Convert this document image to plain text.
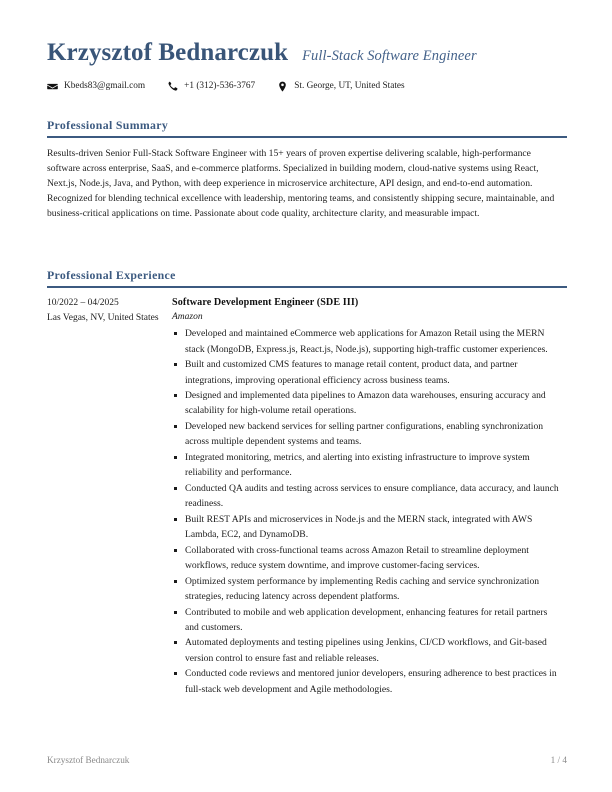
Krzysztof Bednarczuk Full-Stack Software Engineer
Kbeds83@gmail.com	+1 (312)-536-3767	St. George, UT, United States
Professional Summary

Results-driven Senior Full-Stack Software Engineer with 15+ years of proven expertise delivering scalable, high-performance software across enterprise, SaaS, and e-commerce platforms. Specialized in building modern, cloud-native systems using React, Next.js, Node.js, Java, and Python, with deep experience in microservice architecture, API design, and end-to-end automation.

Recognized for blending technical excellence with leadership, mentoring teams, and consistently shipping secure, maintainable, and business-critical applications on time. Passionate about code quality, architecture clarity, and measurable impact.

Professional Experience
10/2022 – 04/2025
Las Vegas, NV, United States
Software Development Engineer (SDE III)
Amazon
Developed and maintained eCommerce web applications for Amazon Retail using the MERN stack (MongoDB, Express.js, React.js, Node.js), supporting high-traffic customer experiences.
Built and customized CMS features to manage retail content, product data, and partner integrations, improving operational efficiency across business teams.
Designed and implemented data pipelines to Amazon data warehouses, ensuring accuracy and scalability for high-volume retail operations.
Developed new backend services for selling partner configurations, enabling synchronization across multiple dependent systems and teams.
Integrated monitoring, metrics, and alerting into existing infrastructure to improve system reliability and performance.
Conducted QA audits and testing across services to ensure compliance, data accuracy, and launch readiness.
Built REST APIs and microservices in Node.js and the MERN stack, integrated with AWS Lambda, EC2, and DynamoDB.
Collaborated with cross-functional teams across Amazon Retail to streamline deployment workflows, reduce system downtime, and improve customer-facing services.
Optimized system performance by implementing Redis caching and service synchronization strategies, reducing latency across dependent platforms.
Contributed to mobile and web application development, enhancing features for retail partners and customers.
Automated deployments and testing pipelines using Jenkins, CI/CD workflows, and Git-based version control to ensure fast and reliable releases.
Conducted code reviews and mentored junior developers, ensuring adherence to best practices in full-stack web development and Agile methodologies.
Krzysztof Bednarczuk	1 / 4
